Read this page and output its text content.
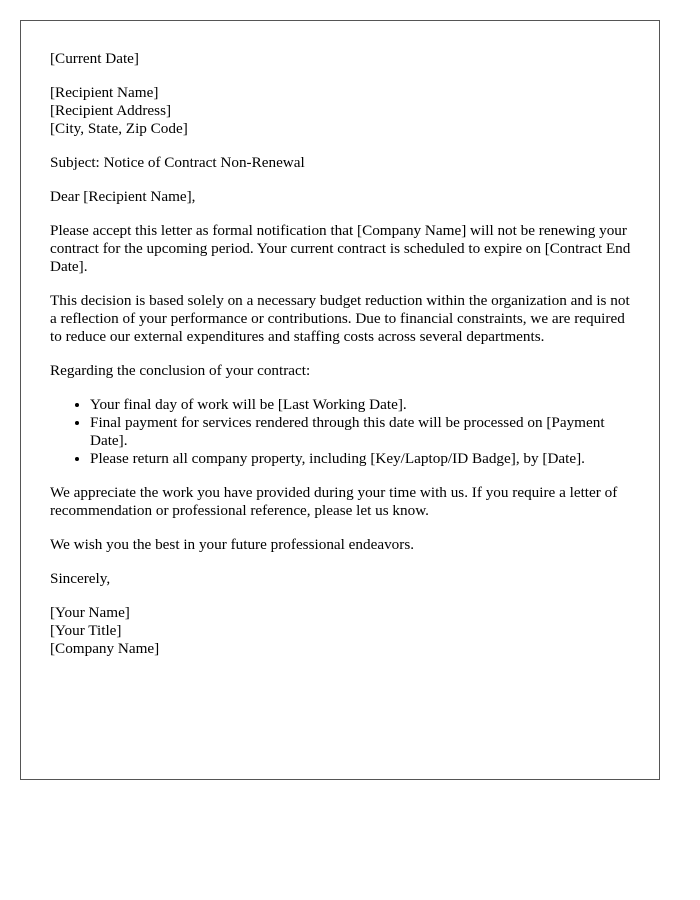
[Current Date]

[Recipient Name]
[Recipient Address]
[City, State, Zip Code]

Subject: Notice of Contract Non-Renewal

Dear [Recipient Name],

Please accept this letter as formal notification that [Company Name] will not be renewing your contract for the upcoming period. Your current contract is scheduled to expire on [Contract End Date].

This decision is based solely on a necessary budget reduction within the organization and is not a reflection of your performance or contributions. Due to financial constraints, we are required to reduce our external expenditures and staffing costs across several departments.

Regarding the conclusion of your contract:

• Your final day of work will be [Last Working Date].
• Final payment for services rendered through this date will be processed on [Payment Date].
• Please return all company property, including [Key/Laptop/ID Badge], by [Date].

We appreciate the work you have provided during your time with us. If you require a letter of recommendation or professional reference, please let us know.

We wish you the best in your future professional endeavors.

Sincerely,

[Your Name]
[Your Title]
[Company Name]
